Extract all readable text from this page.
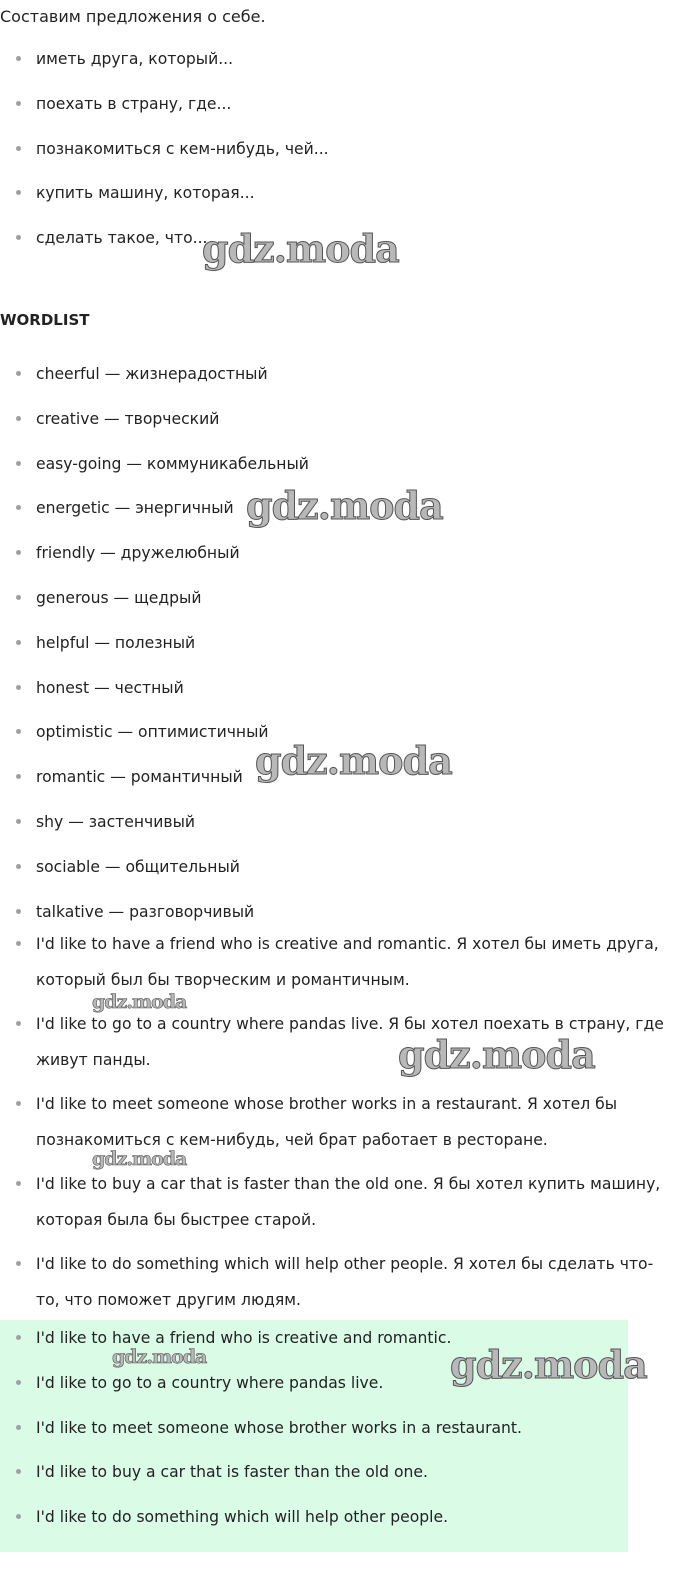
Составим предложения о себе.

иметь друга, который...
поехать в страну, где...
познакомиться с кем-нибудь, чей...
купить машину, которая...
сделать такое, что...
WORDLIST
cheerful — жизнерадостный
creative — творческий
easy-going — коммуникабельный
energetic — энергичный
friendly — дружелюбный
generous — щедрый
helpful — полезный
honest — честный
optimistic — оптимистичный
romantic — романтичный
shy — застенчивый
sociable — общительный
talkative — разговорчивый
I'd like to have a friend who is creative and romantic. Я хотел бы иметь друга, который был бы творческим и романтичным.
I'd like to go to a country where pandas live. Я бы хотел поехать в страну, где живут панды.
I'd like to meet someone whose brother works in a restaurant. Я хотел бы познакомиться с кем-нибудь, чей брат работает в ресторане.
I'd like to buy a car that is faster than the old one. Я бы хотел купить машину, которая была бы быстрее старой.
I'd like to do something which will help other people. Я хотел бы сделать что-то, что поможет другим людям.
I'd like to have a friend who is creative and romantic.
I'd like to go to a country where pandas live.
I'd like to meet someone whose brother works in a restaurant.
I'd like to buy a car that is faster than the old one.
I'd like to do something which will help other people.
gdz.moda
gdz.moda
gdz.moda
gdz.moda
gdz.moda
gdz.moda
gdz.moda	gdz.moda
